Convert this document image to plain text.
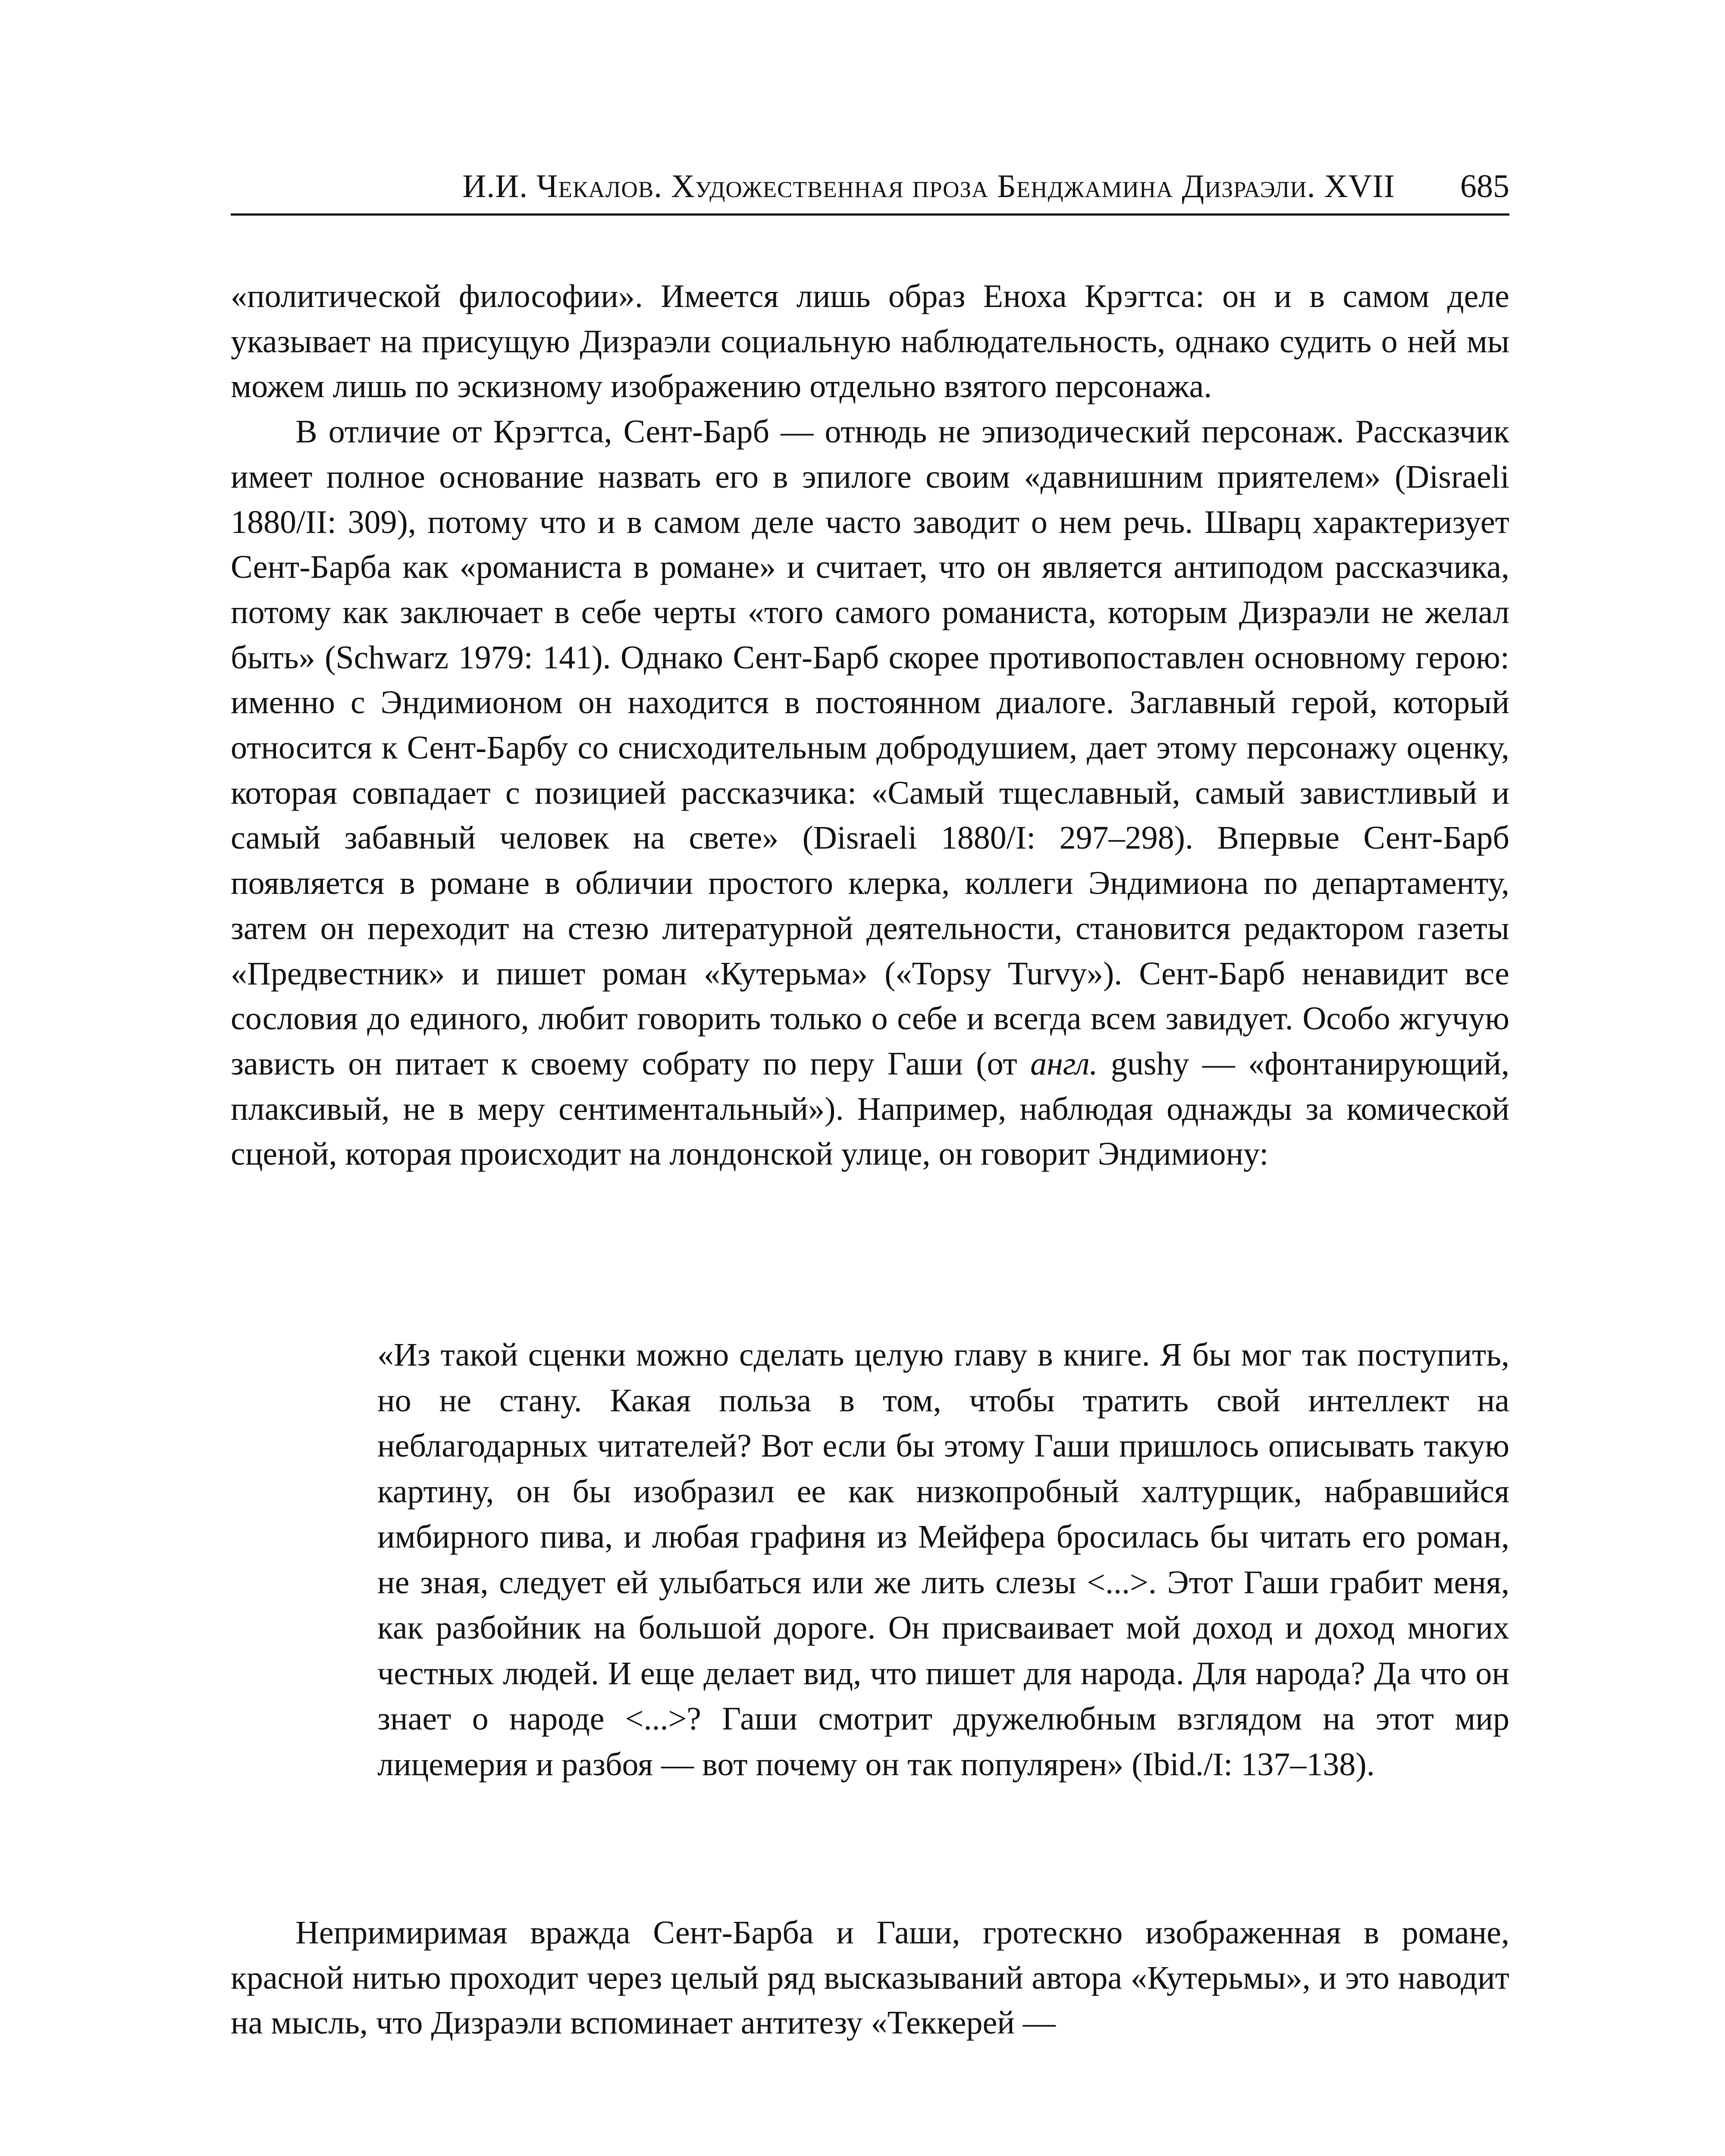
И.И. Чекалов. Художественная проза Бенджамина Дизраэли. XVII 685

«политической философии». Имеется лишь образ Еноха Крэгтса: он и в самом деле указывает на присущую Дизраэли социальную наблюдательность, однако судить о ней мы можем лишь по эскизному изображению отдельно взятого персонажа.

В отличие от Крэгтса, Сент-Барб — отнюдь не эпизодический персонаж. Рассказчик имеет полное основание назвать его в эпилоге своим «давнишним приятелем» (Disraeli 1880/II: 309), потому что и в самом деле часто заводит о нем речь. Шварц характеризует Сент-Барба как «романиста в романе» и считает, что он является антиподом рассказчика, потому как заключает в себе черты «того самого романиста, которым Дизраэли не желал быть» (Schwarz 1979: 141). Однако Сент-Барб скорее противопоставлен основному герою: именно с Эндимионом он находится в постоянном диалоге. Заглавный герой, который относится к Сент-Барбу со снисходительным добродушием, дает этому персонажу оценку, которая совпадает с позицией рассказчика: «Самый тщеславный, самый завистливый и самый забавный человек на свете» (Disraeli 1880/I: 297–298). Впервые Сент-Барб появляется в романе в обличии простого клерка, коллеги Эндимиона по департаменту, затем он переходит на стезю литературной деятельности, становится редактором газеты «Предвестник» и пишет роман «Кутерьма» («Topsy Turvy»). Сент-Барб ненавидит все сословия до единого, любит говорить только о себе и всегда всем завидует. Особо жгучую зависть он питает к своему собрату по перу Гаши (от англ. gushy — «фонтанирующий, плаксивый, не в меру сентиментальный»). Например, наблюдая однажды за комической сценой, которая происходит на лондонской улице, он говорит Эндимиону:

«Из такой сценки можно сделать целую главу в книге. Я бы мог так поступить, но не стану. Какая польза в том, чтобы тратить свой интеллект на неблагодарных читателей? Вот если бы этому Гаши пришлось описывать такую картину, он бы изобразил ее как низкопробный халтурщик, набравшийся имбирного пива, и любая графиня из Мейфера бросилась бы читать его роман, не зная, следует ей улыбаться или же лить слезы <...>. Этот Гаши грабит меня, как разбойник на большой дороге. Он присваивает мой доход и доход многих честных людей. И еще делает вид, что пишет для народа. Для народа? Да что он знает о народе <...>? Гаши смотрит дружелюбным взглядом на этот мир лицемерия и разбоя — вот почему он так популярен» (Ibid./I: 137–138).

Непримиримая вражда Сент-Барба и Гаши, гротескно изображенная в романе, красной нитью проходит через целый ряд высказываний автора «Кутерьмы», и это наводит на мысль, что Дизраэли вспоминает антитезу «Теккерей —
